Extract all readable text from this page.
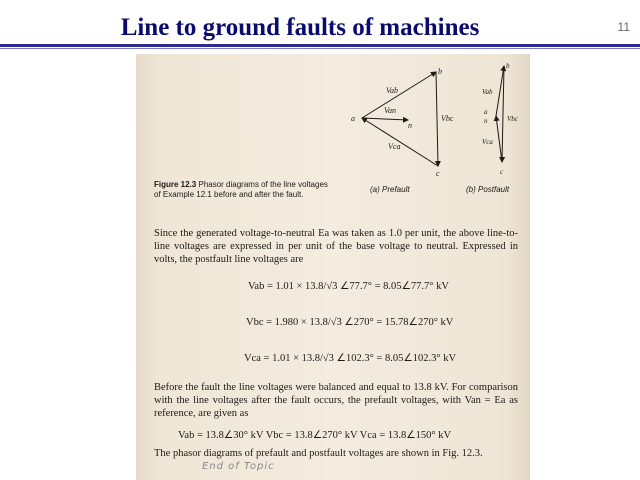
Line to ground faults of machines	11
a
b
c
n
Vab
Van
Vbc
Vca
b
c
a
n
Vab
Vbc
Vca
Figure 12.3 Phasor diagrams of the line voltages of Example 12.1 before and after the fault.
(a) Prefault	(b) Postfault
Since the generated voltage-to-neutral Ea was taken as 1.0 per unit, the above line-to-line voltages are expressed in per unit of the base voltage to neutral. Expressed in volts, the postfault line voltages are
Vab = 1.01 × 13.8/√3 ∠77.7° = 8.05∠77.7° kV
Vbc = 1.980 × 13.8/√3 ∠270° = 15.78∠270° kV
Vca = 1.01 × 13.8/√3 ∠102.3° = 8.05∠102.3° kV
Before the fault the line voltages were balanced and equal to 13.8 kV. For comparison with the line voltages after the fault occurs, the prefault voltages, with Van = Ea as reference, are given as
Vab = 13.8∠30° kV Vbc = 13.8∠270° kV Vca = 13.8∠150° kV
The phasor diagrams of prefault and postfault voltages are shown in Fig. 12.3.
End of Topic
